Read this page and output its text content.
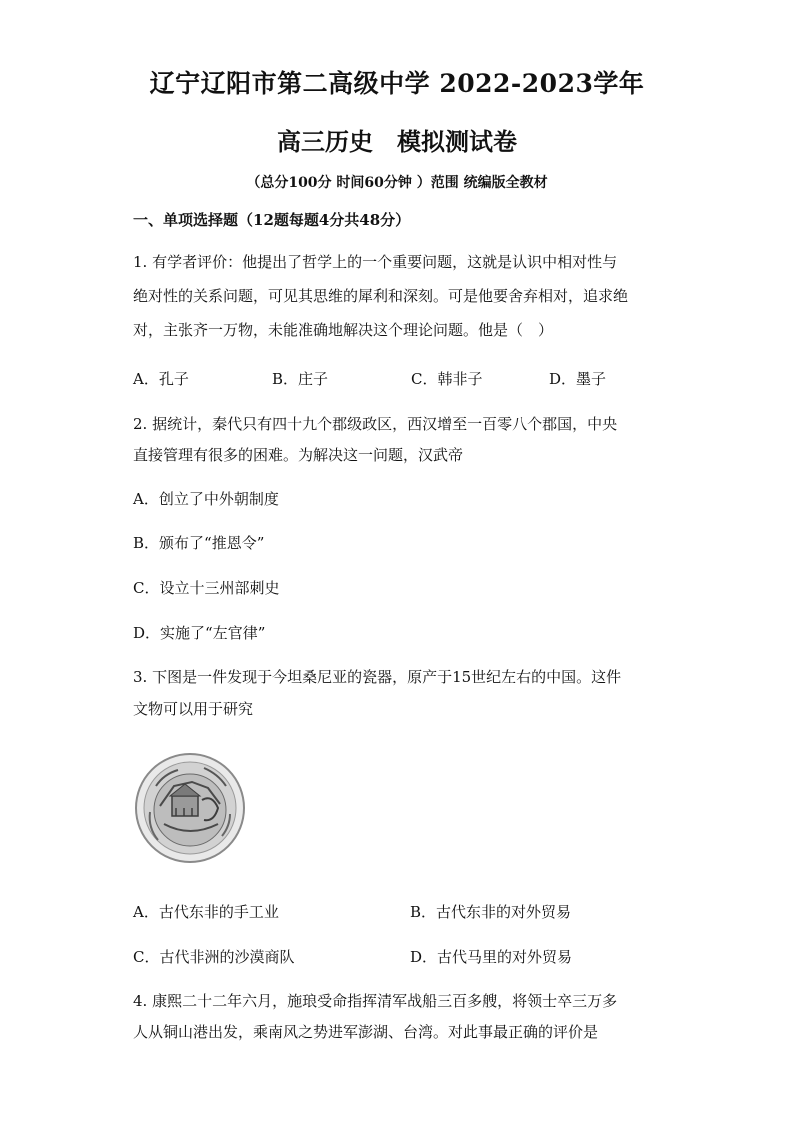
辽宁辽阳市第二高级中学 2022-2023学年
高三历史　模拟测试卷
（总分100分 时间60分钟 ）范围 统编版全教材
一、单项选择题（12题每题4分共48分）
1. 有学者评价：他提出了哲学上的一个重要问题，这就是认识中相对性与
绝对性的关系问题，可见其思维的犀利和深刻。可是他要舍弃相对，追求绝
对，主张齐一万物，未能准确地解决这个理论问题。他是（　）
A．孔子	B．庄子	C．韩非子	D．墨子
2. 据统计，秦代只有四十九个郡级政区，西汉增至一百零八个郡国，中央
直接管理有很多的困难。为解决这一问题，汉武帝
A．创立了中外朝制度
B．颁布了“推恩令”
C．设立十三州部刺史
D．实施了“左官律”
3. 下图是一件发现于今坦桑尼亚的瓷器，原产于15世纪左右的中国。这件
文物可以用于研究
A．古代东非的手工业	B．古代东非的对外贸易
C．古代非洲的沙漠商队	D．古代马里的对外贸易
4. 康熙二十二年六月，施琅受命指挥清军战船三百多艘，将领士卒三万多
人从铜山港出发，乘南风之势进军澎湖、台湾。对此事最正确的评价是
